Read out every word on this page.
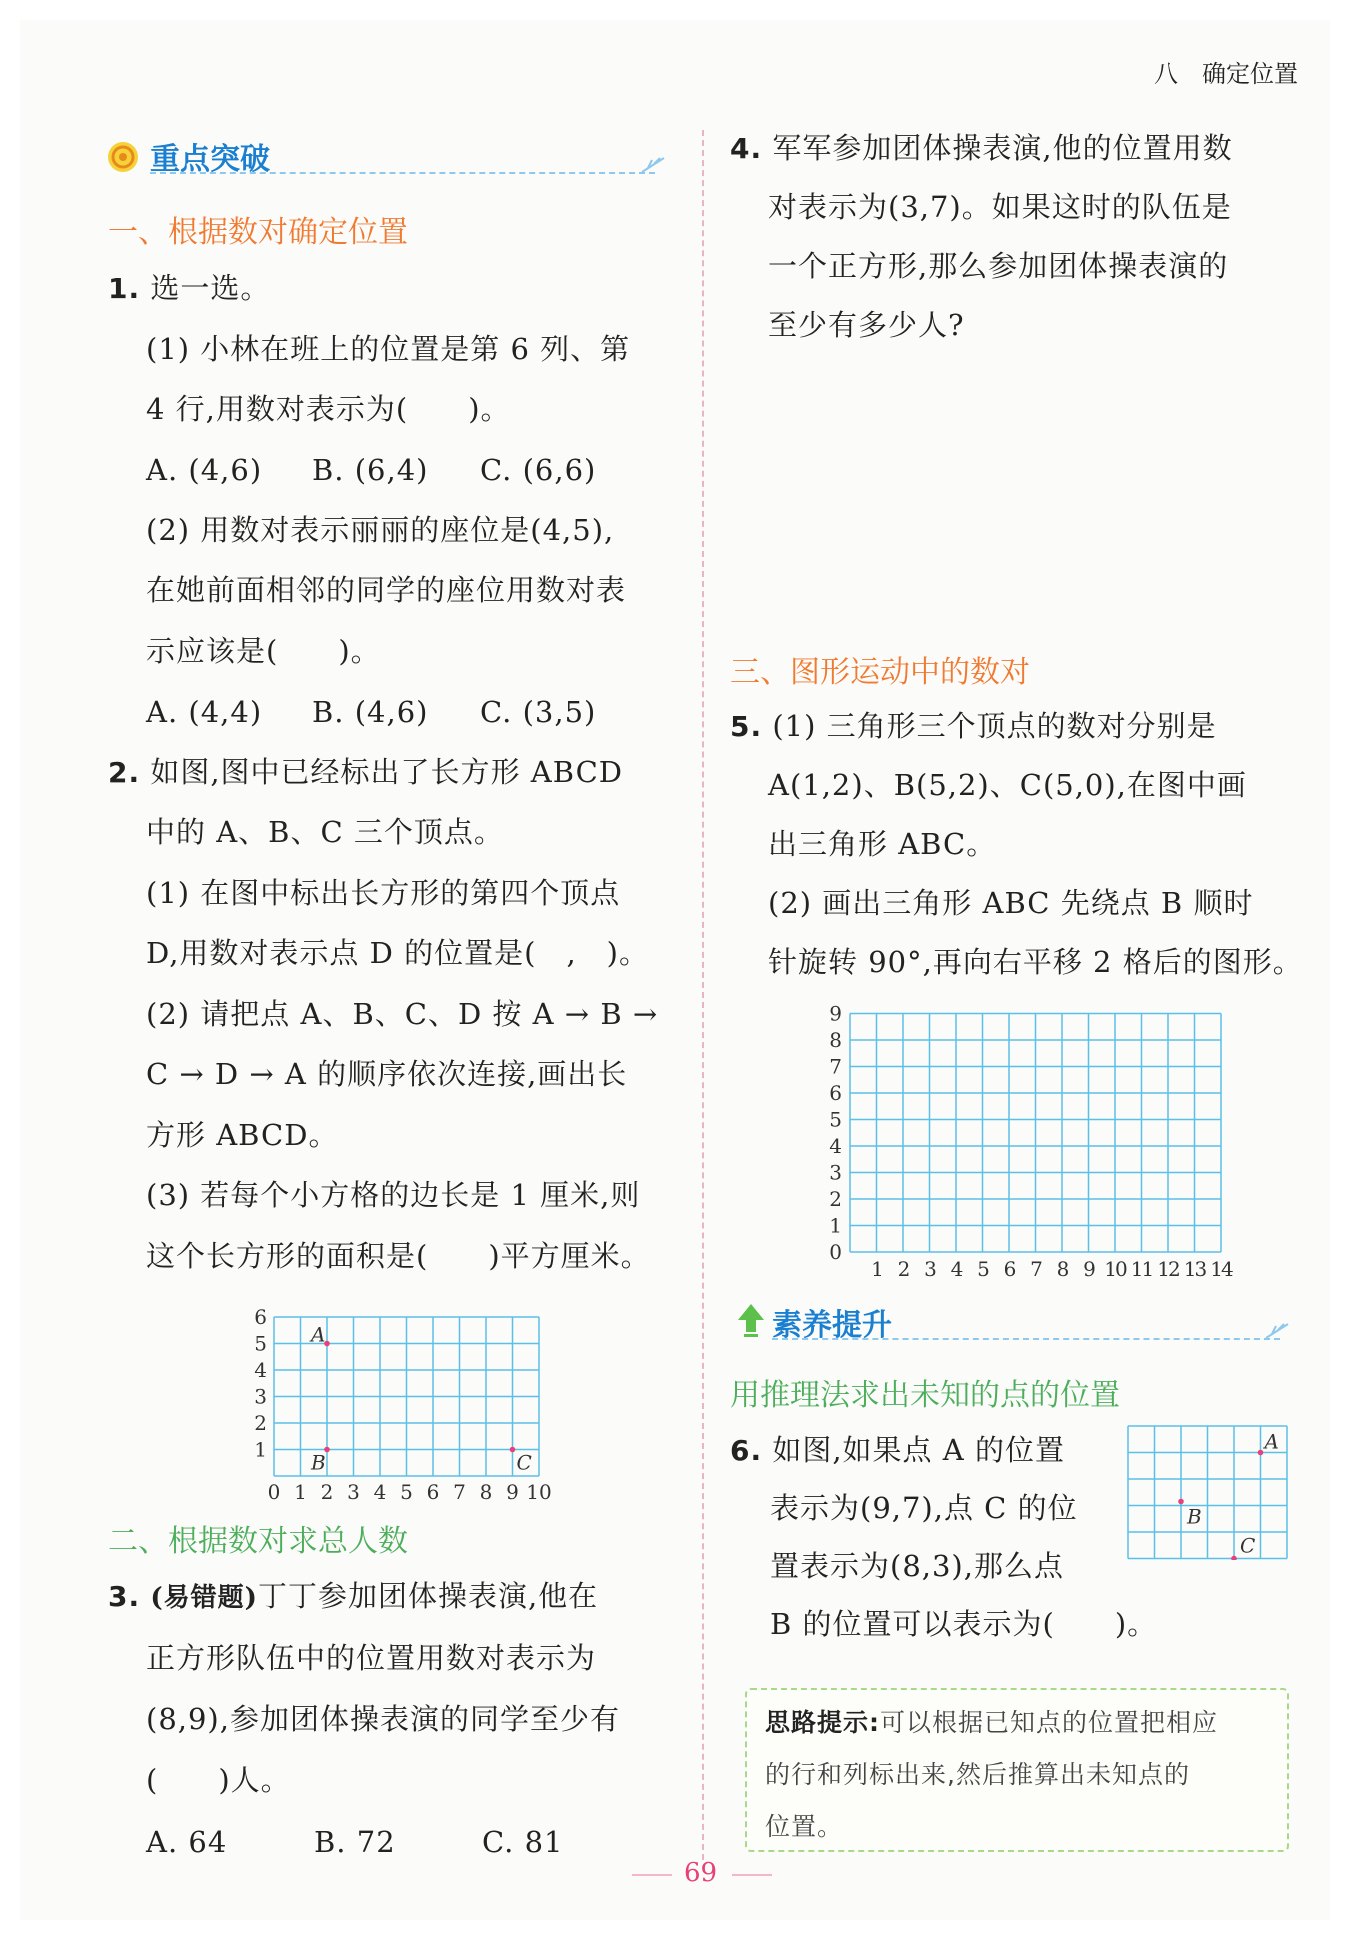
八　确定位置
重点突破
一、根据数对确定位置
1. 选一选。
(1) 小林在班上的位置是第 6 列、第
4 行,用数对表示为(　　)。
A. (4,6) B. (6,4) C. (6,6)
(2) 用数对表示丽丽的座位是(4,5),
在她前面相邻的同学的座位用数对表
示应该是(　　)。
A. (4,4) B. (4,6) C. (3,5)
2. 如图,图中已经标出了长方形 ABCD
中的 A、B、C 三个顶点。
(1) 在图中标出长方形的第四个顶点
D,用数对表示点 D 的位置是(　,　)。
(2) 请把点 A、B、C、D 按 A → B →
C → D → A 的顺序依次连接,画出长
方形 ABCD。
(3) 若每个小方格的边长是 1 厘米,则
这个长方形的面积是(　　)平方厘米。
0 1 2 3 4 5 6 7 8 9 10
1
2
3
4
5
6
A
B	C
二、根据数对求总人数
3. (易错题)丁丁参加团体操表演,他在
正方形队伍中的位置用数对表示为
(8,9),参加团体操表演的同学至少有
(　　)人。
A. 64	B. 72	C. 81
4. 军军参加团体操表演,他的位置用数
对表示为(3,7)。如果这时的队伍是
一个正方形,那么参加团体操表演的
至少有多少人?
三、图形运动中的数对
5. (1) 三角形三个顶点的数对分别是
A(1,2)、B(5,2)、C(5,0),在图中画
出三角形 ABC。
(2) 画出三角形 ABC 先绕点 B 顺时
针旋转 90°,再向右平移 2 格后的图形。
1 2 3 4 5 6 7 8 9 10 11 12 13 14
0
1
2
3
4
5
6
7
8
9
素养提升
用推理法求出未知的点的位置
6. 如图,如果点 A 的位置
表示为(9,7),点 C 的位
置表示为(8,3),那么点
B 的位置可以表示为(　　)。
A
B
C
思路提示:可以根据已知点的位置把相应
的行和列标出来,然后推算出未知点的
位置。
69
